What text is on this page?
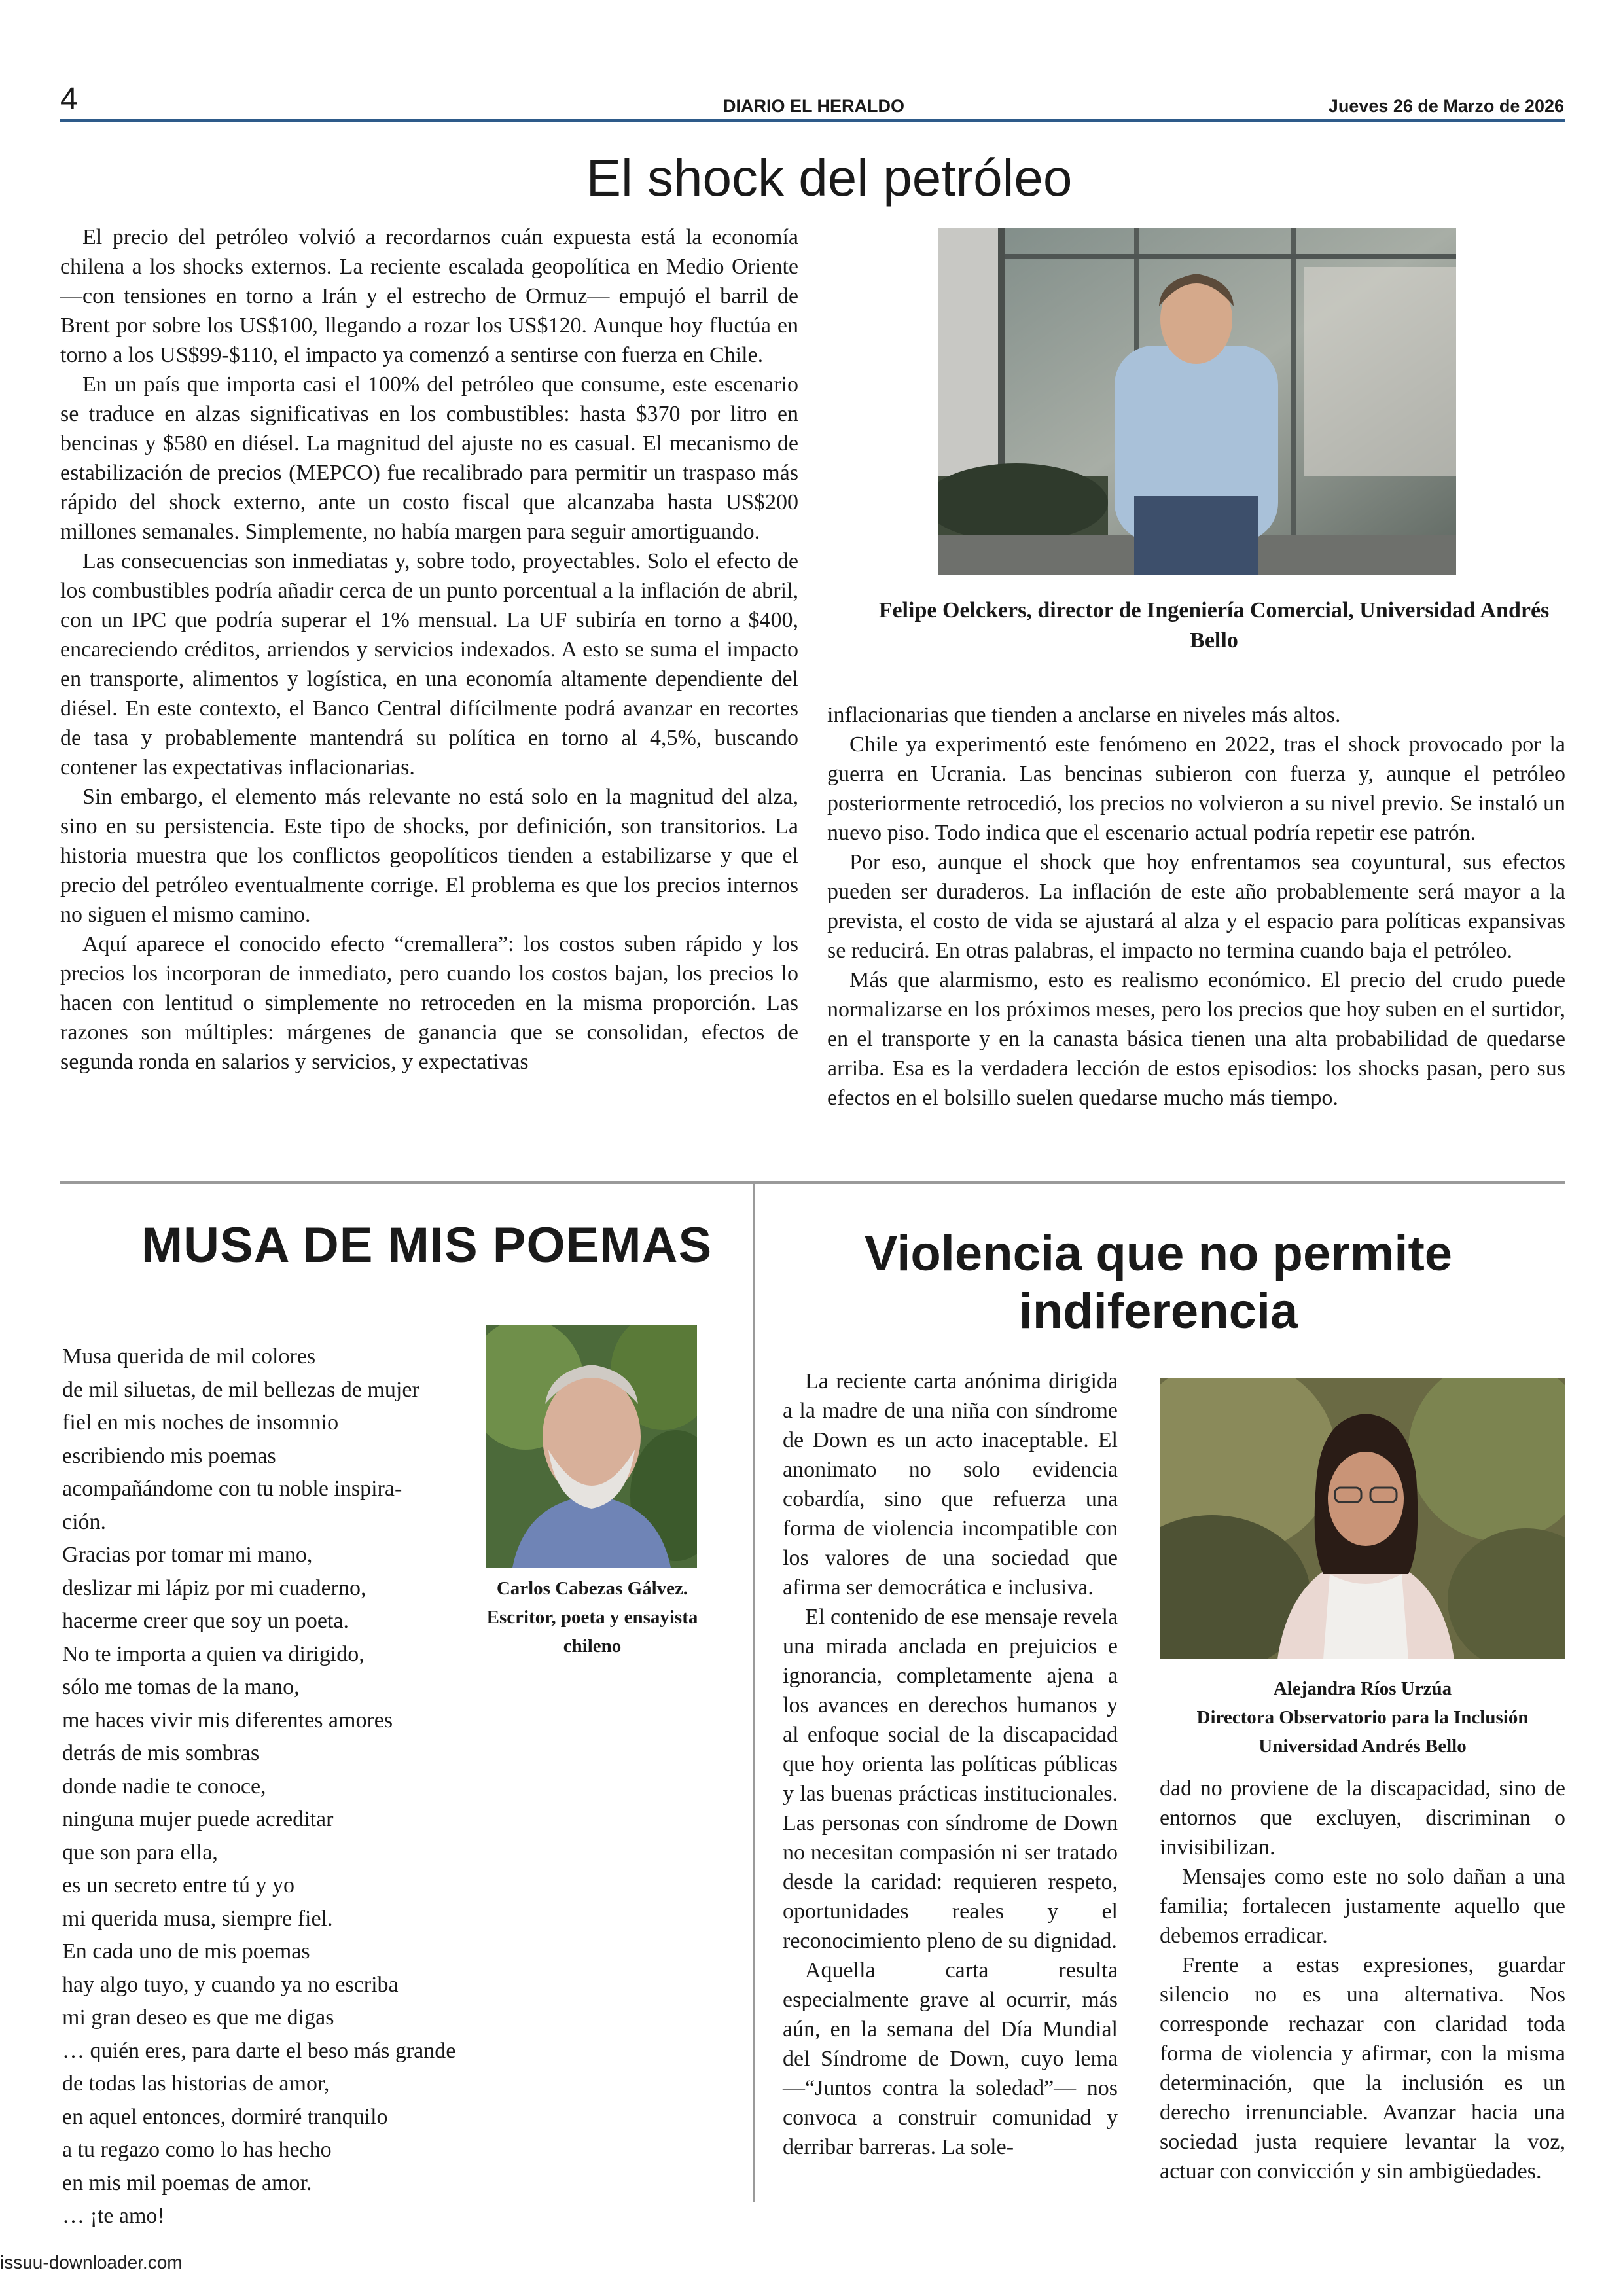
4	DIARIO EL HERALDO	Jueves 26 de Marzo de 2026
El shock del petróleo

El precio del petróleo volvió a recordarnos cuán expuesta está la economía chilena a los shocks externos. La reciente escalada geopolítica en Medio Oriente —con tensiones en torno a Irán y el estrecho de Ormuz— empujó el barril de Brent por sobre los US$100, llegando a rozar los US$120. Aunque hoy fluctúa en torno a los US$99-$110, el impacto ya comenzó a sentirse con fuerza en Chile.

En un país que importa casi el 100% del petróleo que consume, este escenario se traduce en alzas significativas en los combustibles: hasta $370 por litro en bencinas y $580 en diésel. La magnitud del ajuste no es casual. El mecanismo de estabilización de precios (MEPCO) fue recalibrado para permitir un traspaso más rápido del shock externo, ante un costo fiscal que alcanzaba hasta US$200 millones semanales. Simplemente, no había margen para seguir amortiguando.

Las consecuencias son inmediatas y, sobre todo, proyectables. Solo el efecto de los combustibles podría añadir cerca de un punto porcentual a la inflación de abril, con un IPC que podría superar el 1% mensual. La UF subiría en torno a $400, encareciendo créditos, arriendos y servicios indexados. A esto se suma el impacto en transporte, alimentos y logística, en una economía altamente dependiente del diésel. En este contexto, el Banco Central difícilmente podrá avanzar en recortes de tasa y probablemente mantendrá su política en torno al 4,5%, buscando contener las expectativas inflacionarias.

Sin embargo, el elemento más relevante no está solo en la magnitud del alza, sino en su persistencia. Este tipo de shocks, por definición, son transitorios. La historia muestra que los conflictos geopolíticos tienden a estabilizarse y que el precio del petróleo eventualmente corrige. El problema es que los precios internos no siguen el mismo camino.

Aquí aparece el conocido efecto “cremallera”: los costos suben rápido y los precios los incorporan de inmediato, pero cuando los costos bajan, los precios lo hacen con lentitud o simplemente no retroceden en la misma proporción. Las razones son múltiples: márgenes de ganancia que se consolidan, efectos de segunda ronda en salarios y servicios, y expectativas

Felipe Oelckers, director de Ingeniería Comercial, Universidad Andrés Bello

inflacionarias que tienden a anclarse en niveles más altos.

Chile ya experimentó este fenómeno en 2022, tras el shock provocado por la guerra en Ucrania. Las bencinas subieron con fuerza y, aunque el petróleo posteriormente retrocedió, los precios no volvieron a su nivel previo. Se instaló un nuevo piso. Todo indica que el escenario actual podría repetir ese patrón.

Por eso, aunque el shock que hoy enfrentamos sea coyuntural, sus efectos pueden ser duraderos. La inflación de este año probablemente será mayor a la prevista, el costo de vida se ajustará al alza y el espacio para políticas expansivas se reducirá. En otras palabras, el impacto no termina cuando baja el petróleo.

Más que alarmismo, esto es realismo económico. El precio del crudo puede normalizarse en los próximos meses, pero los precios que hoy suben en el surtidor, en el transporte y en la canasta básica tienen una alta probabilidad de quedarse arriba. Esa es la verdadera lección de estos episodios: los shocks pasan, pero sus efectos en el bolsillo suelen quedarse mucho más tiempo.

MUSA DE MIS POEMAS
Carlos Cabezas Gálvez.
Escritor, poeta y ensayista chileno

Musa querida de mil colores

de mil siluetas, de mil bellezas de mujer

fiel en mis noches de insomnio

escribiendo mis poemas

acompañándome con tu noble inspira-

ción.

Gracias por tomar mi mano,

deslizar mi lápiz por mi cuaderno,

hacerme creer que soy un poeta.

No te importa a quien va dirigido,

sólo me tomas de la mano,

me haces vivir mis diferentes amores

detrás de mis sombras

donde nadie te conoce,

ninguna mujer puede acreditar

que son para ella,

es un secreto entre tú y yo

mi querida musa, siempre fiel.

En cada uno de mis poemas

hay algo tuyo, y cuando ya no escriba

mi gran deseo es que me digas

… quién eres, para darte el beso más grande

de todas las historias de amor,

en aquel entonces, dormiré tranquilo

a tu regazo como lo has hecho

en mis mil poemas de amor.

… ¡te amo!

Violencia que no permite indiferencia

La reciente carta anónima dirigida a la madre de una niña con síndrome de Down es un acto inaceptable. El anonimato no solo evidencia cobardía, sino que refuerza una forma de violencia incompatible con los valores de una sociedad que afirma ser democrática e inclusiva.

El contenido de ese mensaje revela una mirada anclada en prejuicios e ignorancia, completamente ajena a los avances en derechos humanos y al enfoque social de la discapacidad que hoy orienta las políticas públicas y las buenas prácticas institucionales. Las personas con síndrome de Down no necesitan compasión ni ser tratado desde la caridad: requieren respeto, oportunidades reales y el reconocimiento pleno de su dignidad.

Aquella carta resulta especialmente grave al ocurrir, más aún, en la semana del Día Mundial del Síndrome de Down, cuyo lema —“Juntos contra la soledad”— nos convoca a construir comunidad y derribar barreras. La sole-

Alejandra Ríos Urzúa
Directora Observatorio para la Inclusión
Universidad Andrés Bello

dad no proviene de la discapacidad, sino de entornos que excluyen, discriminan o invisibilizan.

Mensajes como este no solo dañan a una familia; fortalecen justamente aquello que debemos erradicar.

Frente a estas expresiones, guardar silencio no es una alternativa. Nos corresponde rechazar con claridad toda forma de violencia y afirmar, con la misma determinación, que la inclusión es un derecho irrenunciable. Avanzar hacia una sociedad justa requiere levantar la voz, actuar con convicción y sin ambigüedades.

issuu-downloader.com
